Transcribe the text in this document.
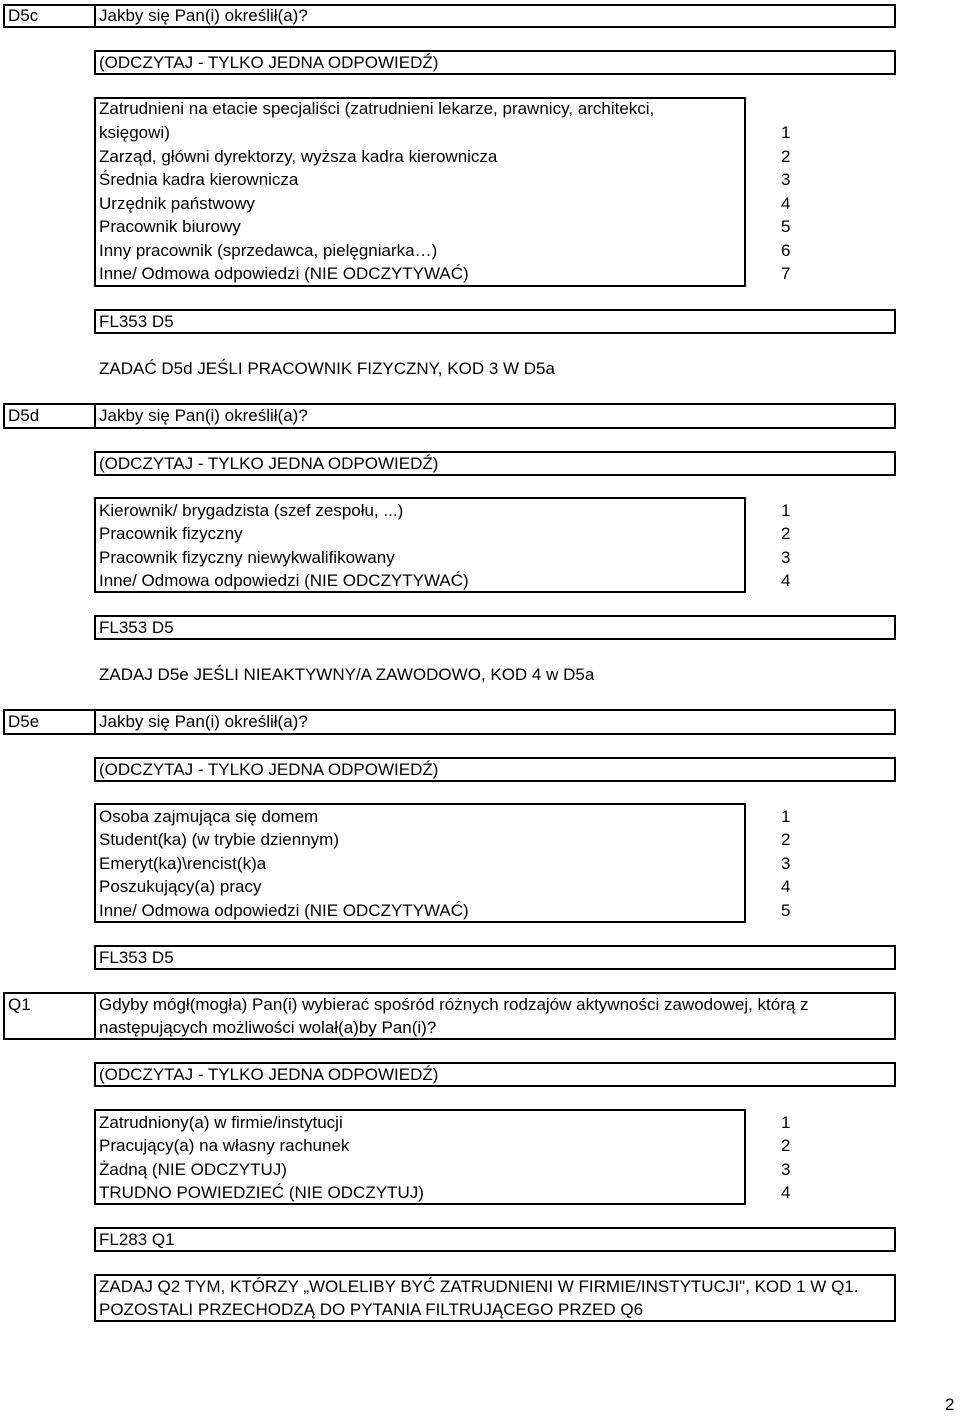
D5c	Jakby się Pan(i) określił(a)?
(ODCZYTAJ - TYLKO JEDNA ODPOWIEDŹ)
Zatrudnieni na etacie specjaliści (zatrudnieni lekarze, prawnicy, architekci,
księgowi)	1
Zarząd, główni dyrektorzy, wyższa kadra kierownicza	2
Średnia kadra kierownicza	3
Urzędnik państwowy	4
Pracownik biurowy	5
Inny pracownik (sprzedawca, pielęgniarka…)	6
Inne/ Odmowa odpowiedzi (NIE ODCZYTYWAĆ)	7
FL353 D5
ZADAĆ D5d JEŚLI PRACOWNIK FIZYCZNY, KOD 3 W D5a
D5d	Jakby się Pan(i) określił(a)?
(ODCZYTAJ - TYLKO JEDNA ODPOWIEDŹ)
Kierownik/ brygadzista (szef zespołu, ...)	1
Pracownik fizyczny	2
Pracownik fizyczny niewykwalifikowany	3
Inne/ Odmowa odpowiedzi (NIE ODCZYTYWAĆ)	4
FL353 D5
ZADAJ D5e JEŚLI NIEAKTYWNY/A ZAWODOWO, KOD 4 w D5a
D5e	Jakby się Pan(i) określił(a)?
(ODCZYTAJ - TYLKO JEDNA ODPOWIEDŹ)
Osoba zajmująca się domem	1
Student(ka) (w trybie dziennym)	2
Emeryt(ka)\rencist(k)a	3
Poszukujący(a) pracy	4
Inne/ Odmowa odpowiedzi (NIE ODCZYTYWAĆ)	5
FL353 D5
Q1	Gdyby mógł(mogła) Pan(i) wybierać spośród różnych rodzajów aktywności zawodowej, którą z następujących możliwości wolał(a)by Pan(i)?
(ODCZYTAJ - TYLKO JEDNA ODPOWIEDŹ)
Zatrudniony(a) w firmie/instytucji	1
Pracujący(a) na własny rachunek	2
Żadną (NIE ODCZYTUJ)	3
TRUDNO POWIEDZIEĆ (NIE ODCZYTUJ)	4
FL283 Q1
ZADAJ Q2 TYM, KTÓRZY „WOLELIBY BYĆ ZATRUDNIENI W FIRMIE/INSTYTUCJI", KOD 1 W Q1. POZOSTALI PRZECHODZĄ DO PYTANIA FILTRUJĄCEGO PRZED Q6
2
